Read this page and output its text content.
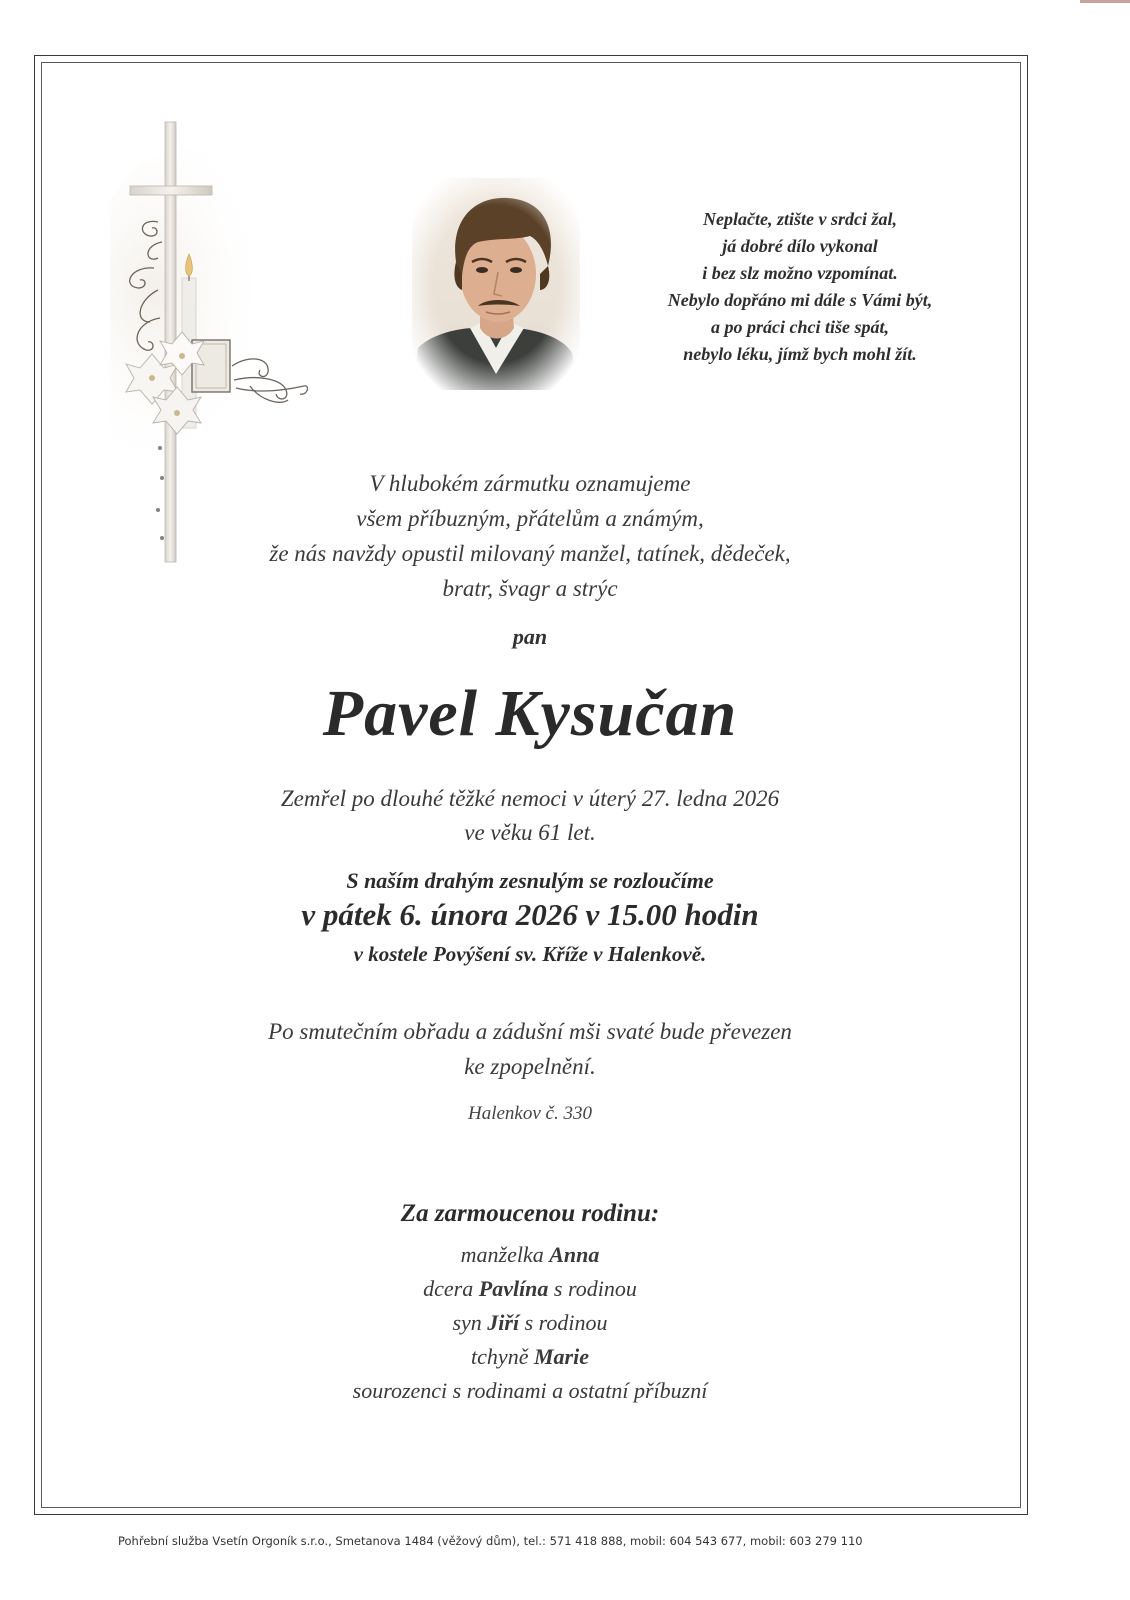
Neplačte, ztište v srdci žal,
já dobré dílo vykonal
i bez slz možno vzpomínat.
Nebylo dopřáno mi dále s Vámi být,
a po práci chci tiše spát,
nebylo léku, jímž bych mohl žít.
V hlubokém zármutku oznamujeme
všem příbuzným, přátelům a známým,
že nás navždy opustil milovaný manžel, tatínek, dědeček,
bratr, švagr a strýc
pan
Pavel Kysučan
Zemřel po dlouhé těžké nemoci v úterý 27. ledna 2026
ve věku 61 let.
S naším drahým zesnulým se rozloučíme
v pátek 6. února 2026 v 15.00 hodin
v kostele Povýšení sv. Kříže v Halenkově.
Po smutečním obřadu a zádušní mši svaté bude převezen
ke zpopelnění.
Halenkov č. 330
Za zarmoucenou rodinu:
manželka Anna
dcera Pavlína s rodinou
syn Jiří s rodinou
tchyně Marie
sourozenci s rodinami a ostatní příbuzní
Pohřební služba Vsetín Orgoník s.r.o., Smetanova 1484 (věžový dům), tel.: 571 418 888, mobil: 604 543 677, mobil: 603 279 110
